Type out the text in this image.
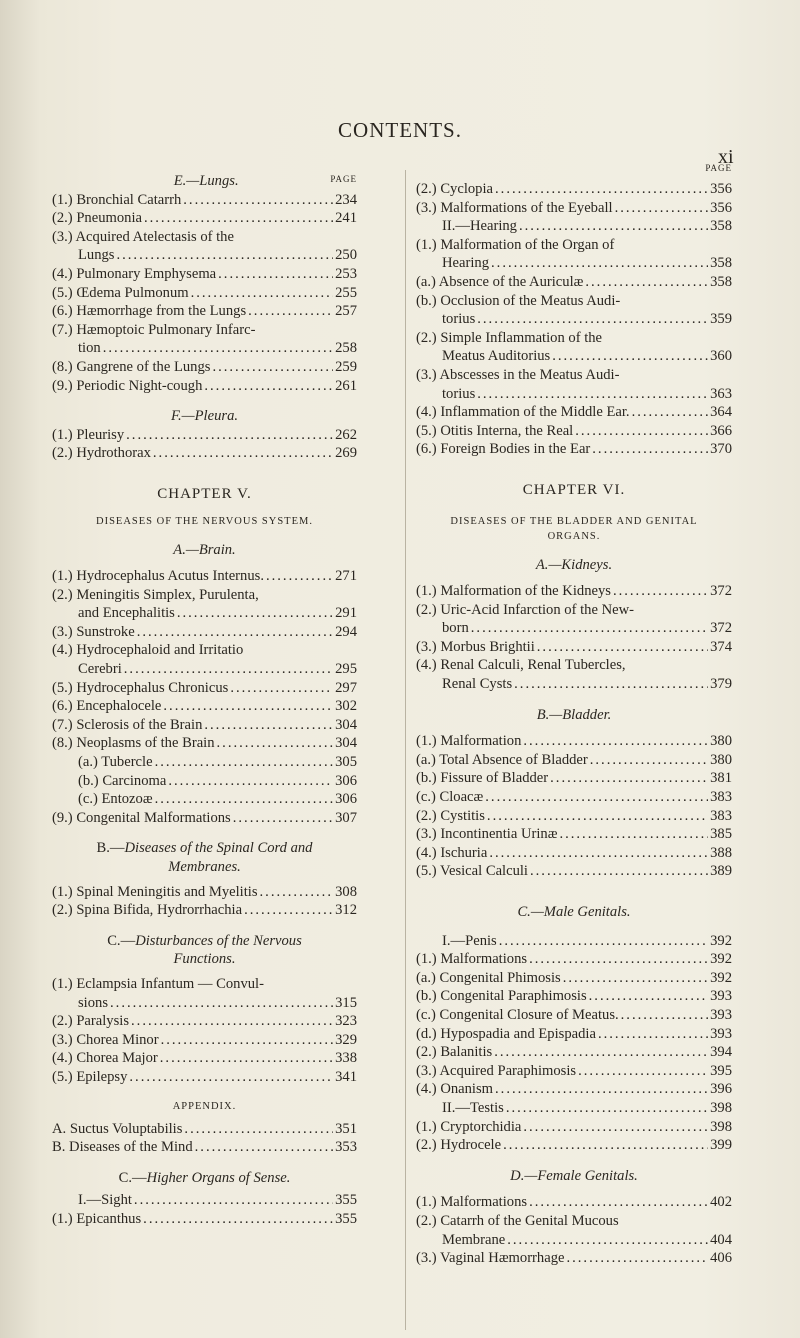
CONTENTS.
xi
E.—Lungs.	PAGE
(1.) Bronchial Catarrh .....	234
(2.) Pneumonia .....	241
(3.) Acquired Atelectasis of the
Lungs .....	250
(4.) Pulmonary Emphysema .....	253
(5.) Œdema Pulmonum .....	255
(6.) Hæmorrhage from the Lungs .....	257
(7.) Hæmoptoic Pulmonary Infarc-
tion .....	258
(8.) Gangrene of the Lungs .....	259
(9.) Periodic Night-cough .....	261
F.—Pleura.
(1.) Pleurisy .....	262
(2.) Hydrothorax .....	269
CHAPTER V.
DISEASES OF THE NERVOUS SYSTEM.
A.—Brain.
(1.) Hydrocephalus Acutus Internus. .....	271
(2.) Meningitis Simplex, Purulenta,
and Encephalitis .....	291
(3.) Sunstroke .....	294
(4.) Hydrocephaloid and Irritatio
Cerebri .....	295
(5.) Hydrocephalus Chronicus .....	297
(6.) Encephalocele .....	302
(7.) Sclerosis of the Brain .....	304
(8.) Neoplasms of the Brain .....	304
(a.) Tubercle .....	305
(b.) Carcinoma .....	306
(c.) Entozoæ .....	306
(9.) Congenital Malformations .....	307
B.—Diseases of the Spinal Cord and
Membranes.
(1.) Spinal Meningitis and Myelitis .....	308
(2.) Spina Bifida, Hydrorrhachia .....	312
C.—Disturbances of the Nervous
Functions.
(1.) Eclampsia Infantum — Convul-
sions .....	315
(2.) Paralysis .....	323
(3.) Chorea Minor .....	329
(4.) Chorea Major .....	338
(5.) Epilepsy .....	341
APPENDIX.
A. Suctus Voluptabilis .....	351
B. Diseases of the Mind .....	353
C.—Higher Organs of Sense.
I.—Sight .....	355
(1.) Epicanthus .....	355
PAGE
(2.) Cyclopia .....	356
(3.) Malformations of the Eyeball .....	356
II.—Hearing .....	358
(1.) Malformation of the Organ of
Hearing .....	358
(a.) Absence of the Auriculæ .....	358
(b.) Occlusion of the Meatus Audi-
torius .....	359
(2.) Simple Inflammation of the
Meatus Auditorius .....	360
(3.) Abscesses in the Meatus Audi-
torius .....	363
(4.) Inflammation of the Middle Ear. .....	364
(5.) Otitis Interna, the Real .....	366
(6.) Foreign Bodies in the Ear .....	370
CHAPTER VI.
DISEASES OF THE BLADDER AND GENITAL ORGANS.
A.—Kidneys.
(1.) Malformation of the Kidneys .....	372
(2.) Uric-Acid Infarction of the New-
born .....	372
(3.) Morbus Brightii .....	374
(4.) Renal Calculi, Renal Tubercles,
Renal Cysts .....	379
B.—Bladder.
(1.) Malformation .....	380
(a.) Total Absence of Bladder .....	380
(b.) Fissure of Bladder .....	381
(c.) Cloacæ .....	383
(2.) Cystitis .....	383
(3.) Incontinentia Urinæ .....	385
(4.) Ischuria .....	388
(5.) Vesical Calculi .....	389
C.—Male Genitals.
I.—Penis .....	392
(1.) Malformations .....	392
(a.) Congenital Phimosis .....	392
(b.) Congenital Paraphimosis .....	393
(c.) Congenital Closure of Meatus. .....	393
(d.) Hypospadia and Epispadia .....	393
(2.) Balanitis .....	394
(3.) Acquired Paraphimosis .....	395
(4.) Onanism .....	396
II.—Testis .....	398
(1.) Cryptorchidia .....	398
(2.) Hydrocele .....	399
D.—Female Genitals.
(1.) Malformations .....	402
(2.) Catarrh of the Genital Mucous
Membrane .....	404
(3.) Vaginal Hæmorrhage .....	406
